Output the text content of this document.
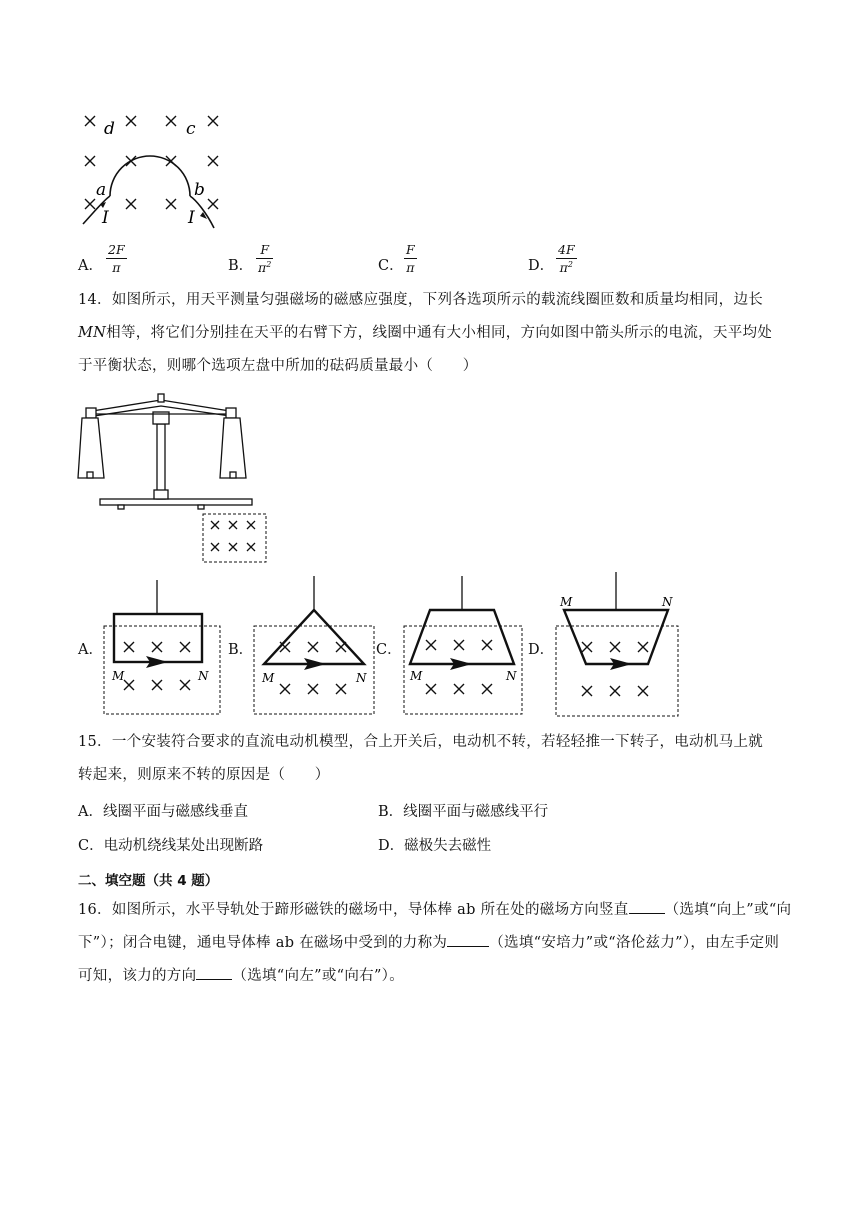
d	c
a	b
I	I
A．
2F
π	B．
F
$\pi^2$	C．
F
π	D．
4F
$\pi^2$
14．如图所示，用天平测量匀强磁场的磁感应强度，下列各选项所示的载流线圈匝数和质量均相同，边长
MN相等，将它们分别挂在天平的右臂下方，线圈中通有大小相同，方向如图中箭头所示的电流，天平均处
于平衡状态，则哪个选项左盘中所加的砝码质量最小（　　）
A．	B．	C．	D．
M	N	M	N	M	N
M	N
15．一个安装符合要求的直流电动机模型，合上开关后，电动机不转，若轻轻推一下转子，电动机马上就
转起来，则原来不转的原因是（　　）
A．线圈平面与磁感线垂直	B．线圈平面与磁感线平行
C．电动机绕线某处出现断路	D．磁极失去磁性
二、填空题（共 4 题）
16．如图所示，水平导轨处于蹄形磁铁的磁场中，导体棒 ab 所在处的磁场方向竖直 （选填“向上”或“向
下”）；闭合电键，通电导体棒 ab 在磁场中受到的力称为	（选填“安培力”或“洛伦兹力”），由左手定则
可知，该力的方向 （选填“向左”或“向右”）。
